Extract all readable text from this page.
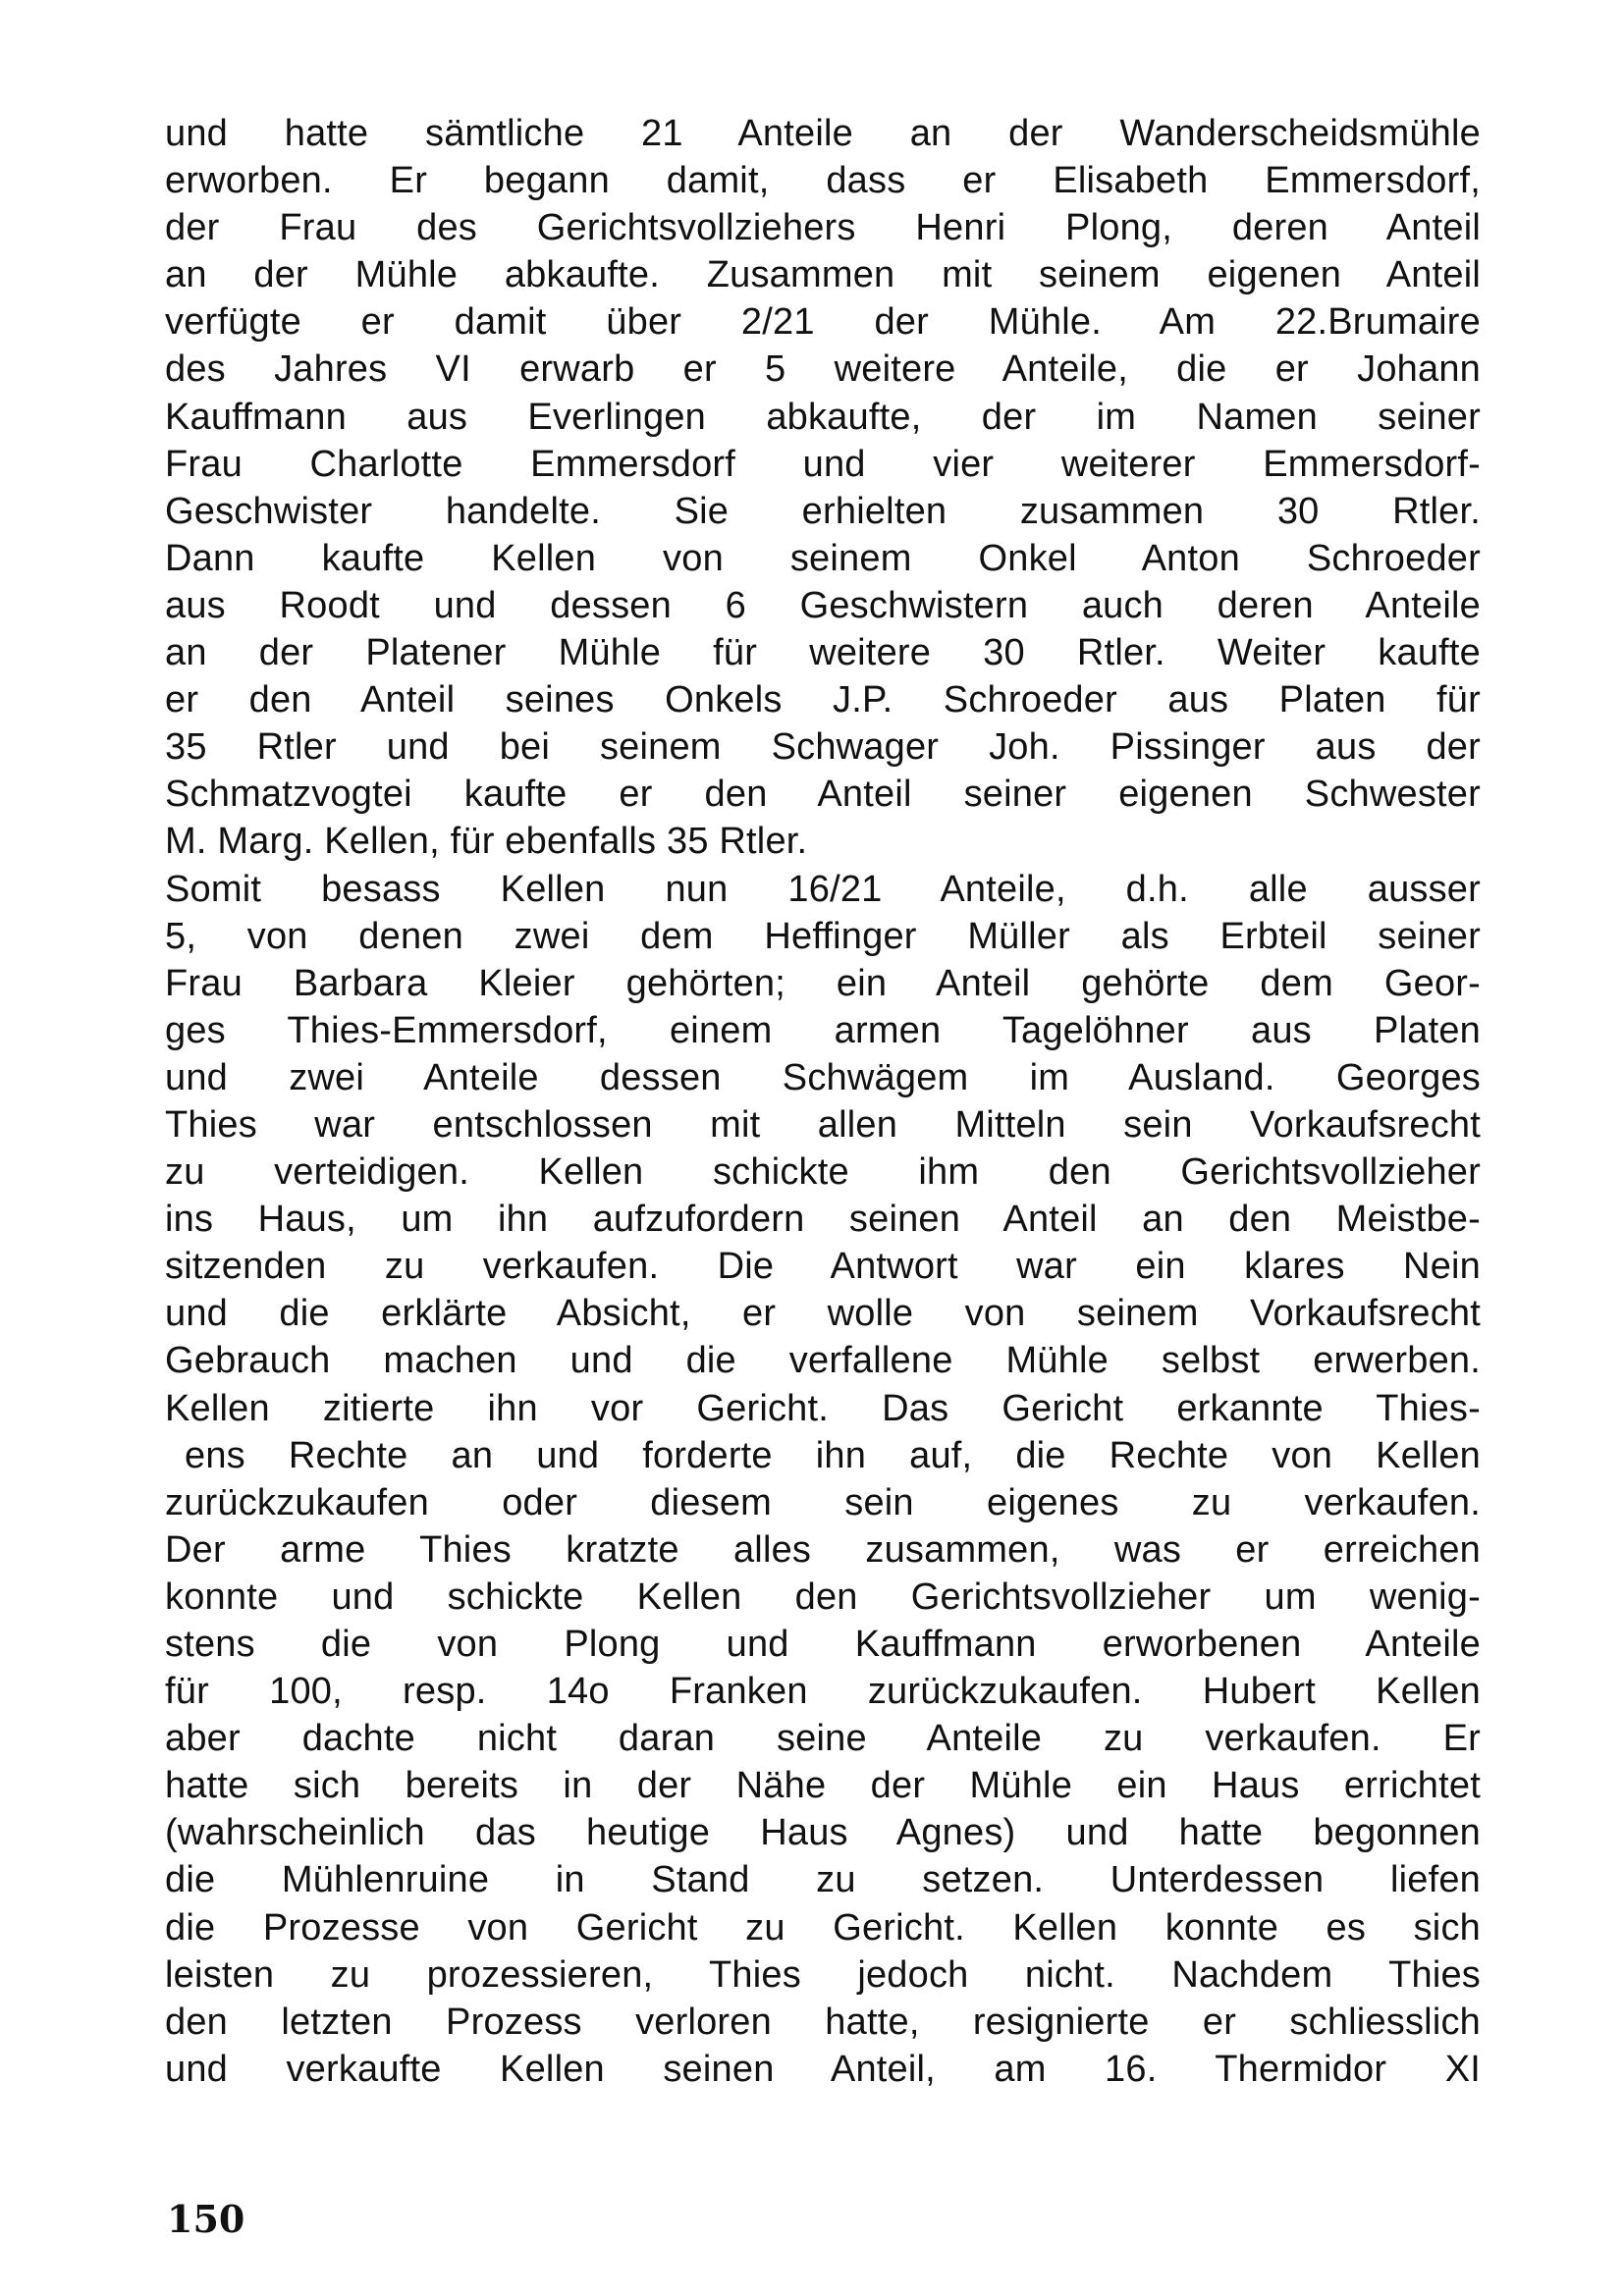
und hatte sämtliche 21 Anteile an der Wanderscheidsmühle
erworben. Er begann damit, dass er Elisabeth Emmersdorf,
der Frau des Gerichtsvollziehers Henri Plong, deren Anteil
an der Mühle abkaufte. Zusammen mit seinem eigenen Anteil
verfügte er damit über 2/21 der Mühle. Am 22.Brumaire
des Jahres VI erwarb er 5 weitere Anteile, die er Johann
Kauffmann aus Everlingen abkaufte, der im Namen seiner
Frau Charlotte Emmersdorf und vier weiterer Emmersdorf-
Geschwister handelte. Sie erhielten zusammen 30 Rtler.
Dann kaufte Kellen von seinem Onkel Anton Schroeder
aus Roodt und dessen 6 Geschwistern auch deren Anteile
an der Platener Mühle für weitere 30 Rtler. Weiter kaufte
er den Anteil seines Onkels J.P. Schroeder aus Platen für
35 Rtler und bei seinem Schwager Joh. Pissinger aus der
Schmatzvogtei kaufte er den Anteil seiner eigenen Schwester
M. Marg. Kellen, für ebenfalls 35 Rtler.
Somit besass Kellen nun 16/21 Anteile, d.h. alle ausser
5, von denen zwei dem Heffinger Müller als Erbteil seiner
Frau Barbara Kleier gehörten; ein Anteil gehörte dem Geor-
ges Thies-Emmersdorf, einem armen Tagelöhner aus Platen
und zwei Anteile dessen Schwägem im Ausland. Georges
Thies war entschlossen mit allen Mitteln sein Vorkaufsrecht
zu verteidigen. Kellen schickte ihm den Gerichtsvollzieher
ins Haus, um ihn aufzufordern seinen Anteil an den Meistbe-
sitzenden zu verkaufen. Die Antwort war ein klares Nein
und die erklärte Absicht, er wolle von seinem Vorkaufsrecht
Gebrauch machen und die verfallene Mühle selbst erwerben.
Kellen zitierte ihn vor Gericht. Das Gericht erkannte Thies-
ens Rechte an und forderte ihn auf, die Rechte von Kellen
zurückzukaufen oder diesem sein eigenes zu verkaufen.
Der arme Thies kratzte alles zusammen, was er erreichen
konnte und schickte Kellen den Gerichtsvollzieher um wenig-
stens die von Plong und Kauffmann erworbenen Anteile
für 100, resp. 14o Franken zurückzukaufen. Hubert Kellen
aber dachte nicht daran seine Anteile zu verkaufen. Er
hatte sich bereits in der Nähe der Mühle ein Haus errichtet
(wahrscheinlich das heutige Haus Agnes) und hatte begonnen
die Mühlenruine in Stand zu setzen. Unterdessen liefen
die Prozesse von Gericht zu Gericht. Kellen konnte es sich
leisten zu prozessieren, Thies jedoch nicht. Nachdem Thies
den letzten Prozess verloren hatte, resignierte er schliesslich
und verkaufte Kellen seinen Anteil, am 16. Thermidor XI
150
